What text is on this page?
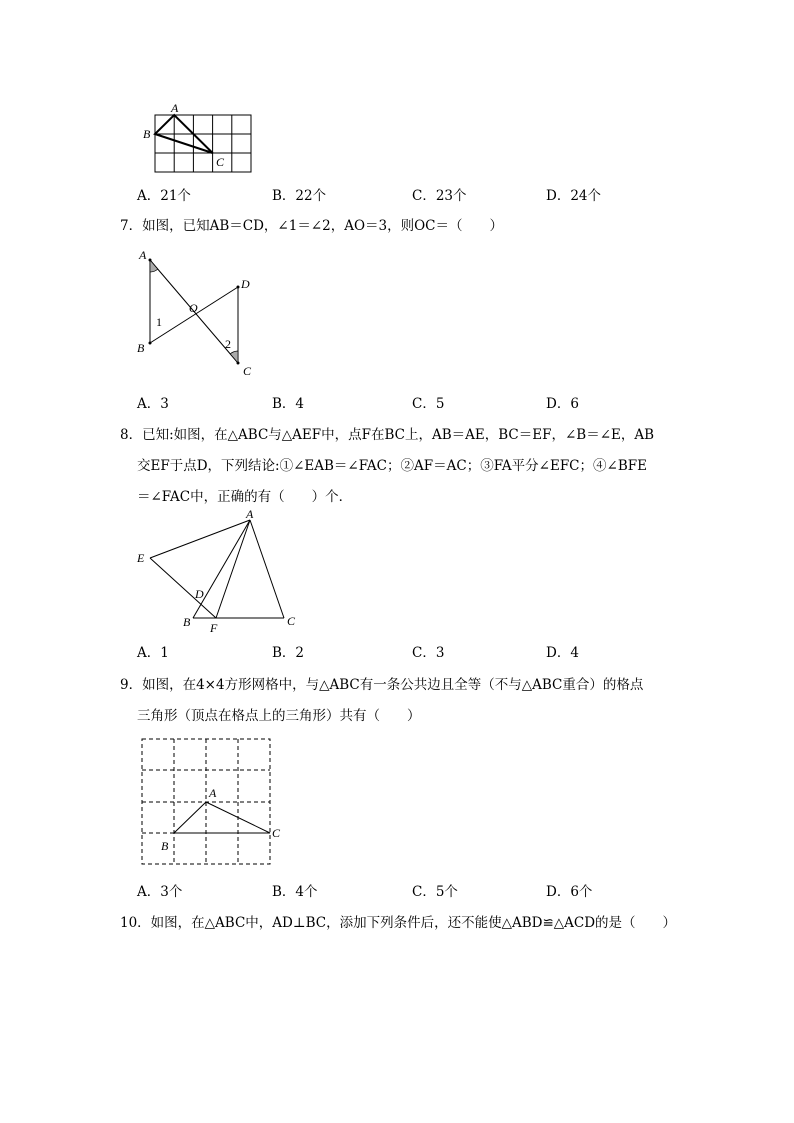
A
B
C
A．21个	B．22个	C．23个	D．24个
7．如图，已知AB＝CD，∠1＝∠2，AO＝3，则OC＝（　　）
A
B
D
C
O
1
2
A．3	B．4	C．5	D．6
8．已知:如图，在△ABC与△AEF中，点F在BC上，AB＝AE，BC＝EF，∠B＝∠E，AB
交EF于点D，下列结论:①∠EAB＝∠FAC；②AF＝AC；③FA平分∠EFC；④∠BFE
＝∠FAC中，正确的有（　　）个．
A
E
D
B F	C
A．1	B．2	C．3	D．4
9．如图，在4×4方形网格中，与△ABC有一条公共边且全等（不与△ABC重合）的格点
三角形（顶点在格点上的三角形）共有（　　）
A
B
C
A．3个	B．4个	C．5个	D．6个
10．如图，在△ABC中，AD⊥BC，添加下列条件后，还不能使△ABD≌△ACD的是（　　）
